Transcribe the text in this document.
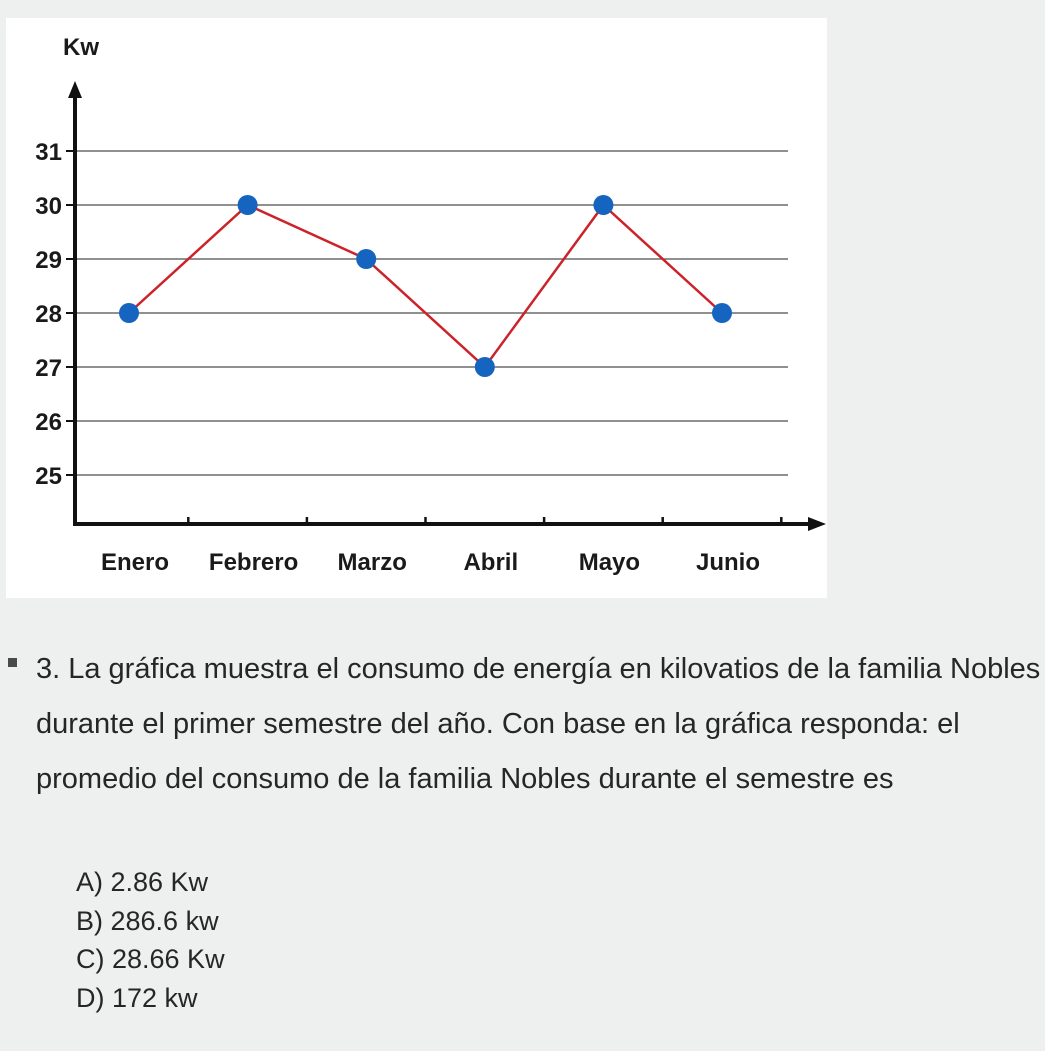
25
26
27
28
29
30
31
Enero Febrero Marzo Abril	Mayo Junio
Kw
3. La gráfica muestra el consumo de energía en kilovatios de la familia Nobles durante el primer semestre del año. Con base en la gráfica responda: el promedio del consumo de la familia Nobles durante el semestre es
A) 2.86 Kw
B) 286.6 kw
C) 28.66 Kw
D) 172 kw
